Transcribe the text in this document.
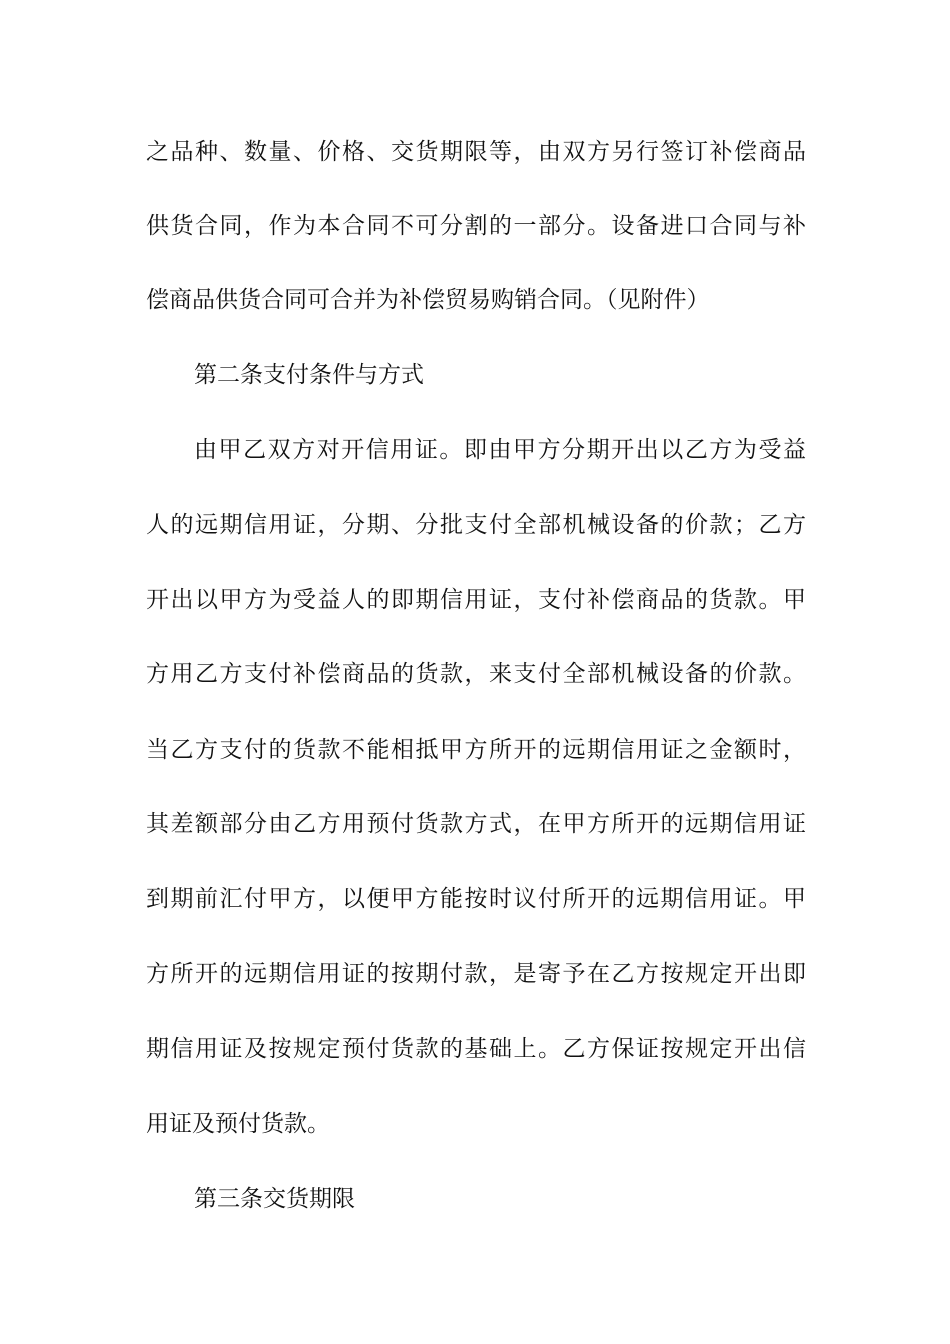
之品种、数量、价格、交货期限等，由双方另行签订补偿商品
供货合同，作为本合同不可分割的一部分。设备进口合同与补
偿商品供货合同可合并为补偿贸易购销合同。（见附件）
第二条支付条件与方式
由甲乙双方对开信用证。即由甲方分期开出以乙方为受益
人的远期信用证，分期、分批支付全部机械设备的价款；乙方
开出以甲方为受益人的即期信用证，支付补偿商品的货款。甲
方用乙方支付补偿商品的货款，来支付全部机械设备的价款。
当乙方支付的货款不能相抵甲方所开的远期信用证之金额时，
其差额部分由乙方用预付货款方式，在甲方所开的远期信用证
到期前汇付甲方，以便甲方能按时议付所开的远期信用证。甲
方所开的远期信用证的按期付款，是寄予在乙方按规定开出即
期信用证及按规定预付货款的基础上。乙方保证按规定开出信
用证及预付货款。
第三条交货期限
